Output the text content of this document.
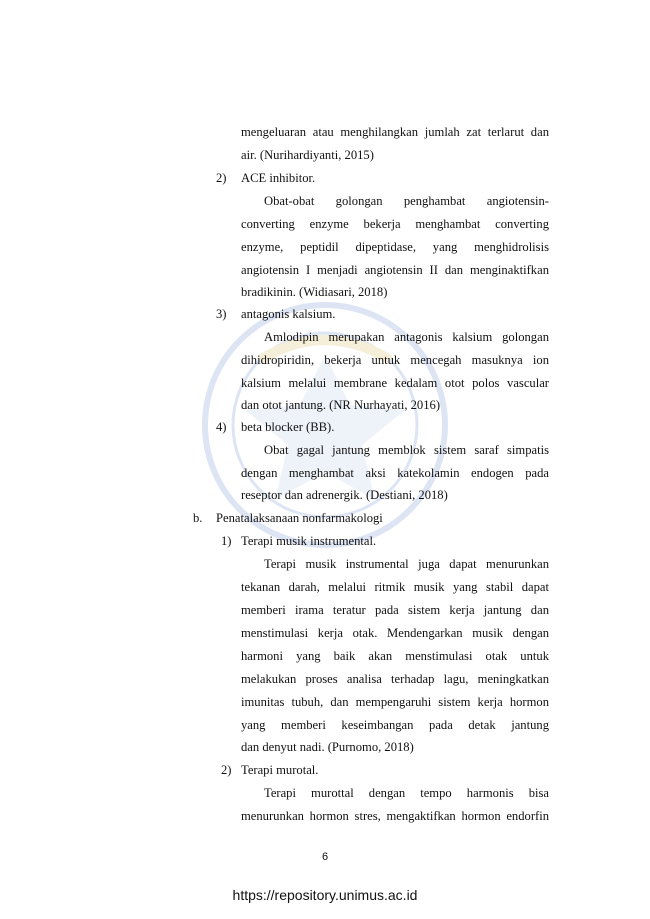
mengeluaran atau menghilangkan jumlah zat terlarut dan
air. (Nurihardiyanti, 2015)
2) ACE inhibitor.
Obat-obat golongan penghambat angiotensin-
converting enzyme bekerja menghambat converting
enzyme, peptidil dipeptidase, yang menghidrolisis
angiotensin I menjadi angiotensin II dan menginaktifkan
bradikinin. (Widiasari, 2018)
3) antagonis kalsium.
Amlodipin merupakan antagonis kalsium golongan
dihidropiridin, bekerja untuk mencegah masuknya ion
kalsium melalui membrane kedalam otot polos vascular
dan otot jantung. (NR Nurhayati, 2016)
4) beta blocker (BB).
Obat gagal jantung memblok sistem saraf simpatis
dengan menghambat aksi katekolamin endogen pada
reseptor dan adrenergik. (Destiani, 2018)
b. Penatalaksanaan nonfarmakologi
1) Terapi musik instrumental.
Terapi musik instrumental juga dapat menurunkan
tekanan darah, melalui ritmik musik yang stabil dapat
memberi irama teratur pada sistem kerja jantung dan
menstimulasi kerja otak. Mendengarkan musik dengan
harmoni yang baik akan menstimulasi otak untuk
melakukan proses analisa terhadap lagu, meningkatkan
imunitas tubuh, dan mempengaruhi sistem kerja hormon
yang memberi keseimbangan pada detak jantung
dan denyut nadi. (Purnomo, 2018)
2) Terapi murotal.
Terapi murottal dengan tempo harmonis bisa
menurunkan hormon stres, mengaktifkan hormon endorfin
6
https://repository.unimus.ac.id
